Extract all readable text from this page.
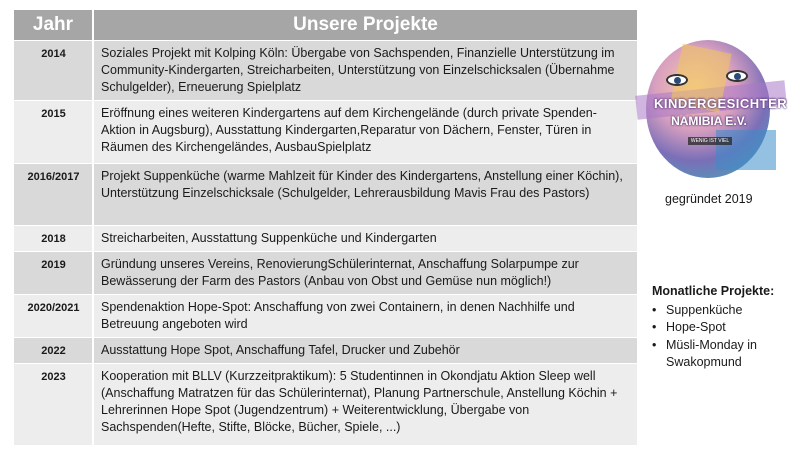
Jahr	Unsere Projekte
2014	Soziales Projekt mit Kolping Köln: Übergabe von Sachspenden, Finanzielle Unterstützung im Community-Kindergarten, Streicharbeiten, Unterstützung von Einzelschicksalen (Übernahme Schulgelder), Erneuerung Spielplatz
2015	Eröffnung eines weiteren Kindergartens auf dem Kirchengelände (durch private Spenden-Aktion in Augsburg), Ausstattung Kindergarten,Reparatur von Dächern, Fenster, Türen in Räumen des Kirchengeländes, AusbauSpielplatz
2016/2017	Projekt Suppenküche (warme Mahlzeit für Kinder des Kindergartens, Anstellung einer Köchin), Unterstützung Einzelschicksale (Schulgelder, Lehrerausbildung Mavis Frau des Pastors)
2018	Streicharbeiten, Ausstattung Suppenküche und Kindergarten
2019	Gründung unseres Vereins, RenovierungSchülerinternat, Anschaffung Solarpumpe zur Bewässerung der Farm des Pastors (Anbau von Obst und Gemüse nun möglich!)
2020/2021	Spendenaktion Hope-Spot: Anschaffung von zwei Containern, in denen Nachhilfe und Betreuung angeboten wird
2022	Ausstattung Hope Spot, Anschaffung Tafel, Drucker und Zubehör
2023	Kooperation mit BLLV (Kurzzeitpraktikum): 5 Studentinnen in Okondjatu Aktion Sleep well (Anschaffung Matratzen für das Schülerinternat), Planung Partnerschule, Anstellung Köchin + Lehrerinnen Hope Spot (Jugendzentrum) + Weiterentwicklung, Übergabe von Sachspenden(Hefte, Stifte, Blöcke, Bücher, Spiele, ...)
KINDERGESICHTER
NAMIBIA E.V.
WENIG IST VIEL
gegründet 2019
Monatliche Projekte:
• Suppenküche
• Hope-Spot
• Müsli-Monday in Swakopmund
